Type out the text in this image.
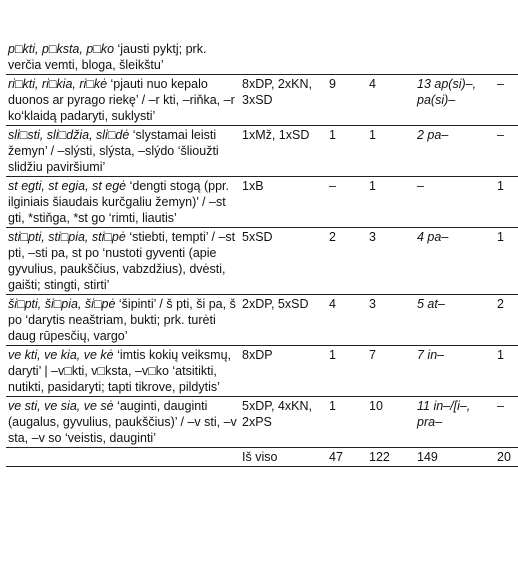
p□kti, p□ksta, p□ko ‘jausti pyktj; prk. verčia vemti, bloga, šleikštu’					
ri□kti, ri□kia, ri□kė ‘pjauti nuo kepalo duonos ar pyrago riekę’ / –r kti, –riňka, –r ko‘klaidą padaryti, suklysti’	8xDP, 2xKN, 3xSD	9	4	13 ap(si)–, pa(si)–	–
sli□sti, sli□džia, sli□dė ‘slystamai leisti žemyn’ / –slýsti, slýsta, –slýdo ‘šlioužti slidžiu paviršiumi’	1xMž, 1xSD	1	1	2 pa–	–
st egti, st egia, st egė ‘dengti stogą (ppr. ilginiais šiaudais kurčgaliu žemyn)’ / –st gti, *stiňga, *st go ‘rimti, liautis’	1xB	–	1	–	1
sti□pti, sti□pia, sti□pė ‘stiebti, tempti’ / –st pti, –sti pa, st po ‘nustoti gyventi (apie gyvulius, paukščius, vabzdžius), dvėsti, gaišti; stingti, stirti’	5xSD	2	3	4 pa–	1
ši□pti, ši□pia, ši□pė ‘šipinti’ / š pti, ši pa, š po ‘darytis neaštriam, bukti; prk. turėti daug rūpesčių, vargo’	2xDP, 5xSD	4	3	5 at–	2
ve kti, ve kia, ve kė ‘imtis kokių veiksmų, daryti’ | –v□kti, v□ksta, –v□ko ‘atsitikti, nutikti, pasidaryti; tapti tikrove, pildytis’	8xDP	1	7	7 in–	1
ve sti, ve sia, ve sė ‘auginti, dauginti (augalus, gyvulius, paukščius)’ / –v sti, –v sta, –v so ‘veistis, dauginti’	5xDP, 4xKN, 2xPS	1	10	11 in–/[i–, pra–	–
	Iš viso	47	122	149	20
